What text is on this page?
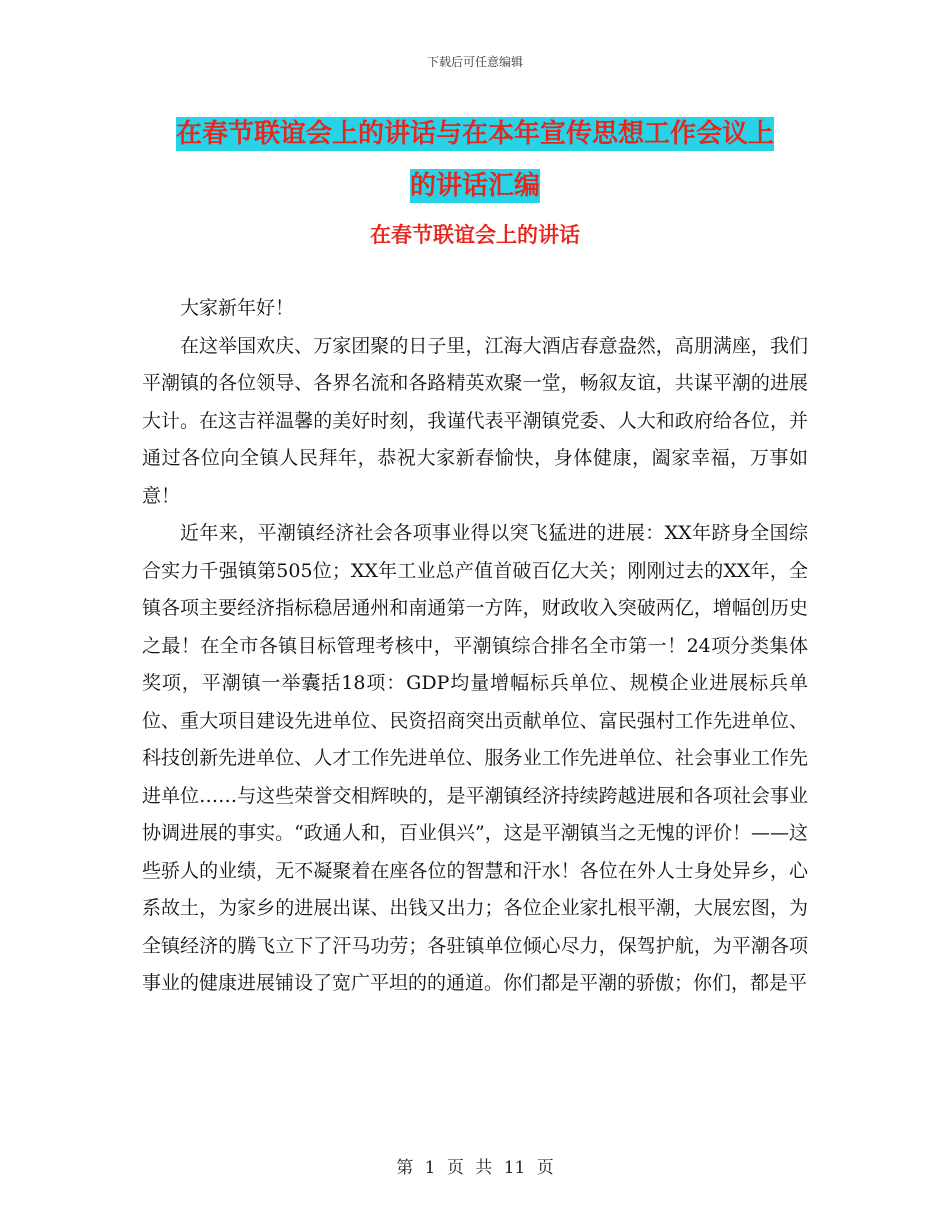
下载后可任意编辑
在春节联谊会上的讲话与在本年宣传思想工作会议上
的讲话汇编
在春节联谊会上的讲话

大家新年好！

在这举国欢庆、万家团聚的日子里，江海大酒店春意盎然，高朋满座，我们平潮镇的各位领导、各界名流和各路精英欢聚一堂，畅叙友谊，共谋平潮的进展大计。在这吉祥温馨的美好时刻，我谨代表平潮镇党委、人大和政府给各位，并通过各位向全镇人民拜年，恭祝大家新春愉快，身体健康，阖家幸福，万事如意！

近年来，平潮镇经济社会各项事业得以突飞猛进的进展：XX年跻身全国综合实力千强镇第505位；XX年工业总产值首破百亿大关；刚刚过去的XX年，全镇各项主要经济指标稳居通州和南通第一方阵，财政收入突破两亿，增幅创历史之最！在全市各镇目标管理考核中，平潮镇综合排名全市第一！24项分类集体奖项，平潮镇一举囊括18项：GDP均量增幅标兵单位、规模企业进展标兵单位、重大项目建设先进单位、民资招商突出贡献单位、富民强村工作先进单位、科技创新先进单位、人才工作先进单位、服务业工作先进单位、社会事业工作先进单位……与这些荣誉交相辉映的，是平潮镇经济持续跨越进展和各项社会事业协调进展的事实。“政通人和，百业俱兴”，这是平潮镇当之无愧的评价！——这些骄人的业绩，无不凝聚着在座各位的智慧和汗水！各位在外人士身处异乡，心系故土，为家乡的进展出谋、出钱又出力；各位企业家扎根平潮，大展宏图，为全镇经济的腾飞立下了汗马功劳；各驻镇单位倾心尽力，保驾护航，为平潮各项事业的健康进展铺设了宽广平坦的的通道。你们都是平潮的骄傲；你们，都是平

第 1 页 共 11 页
